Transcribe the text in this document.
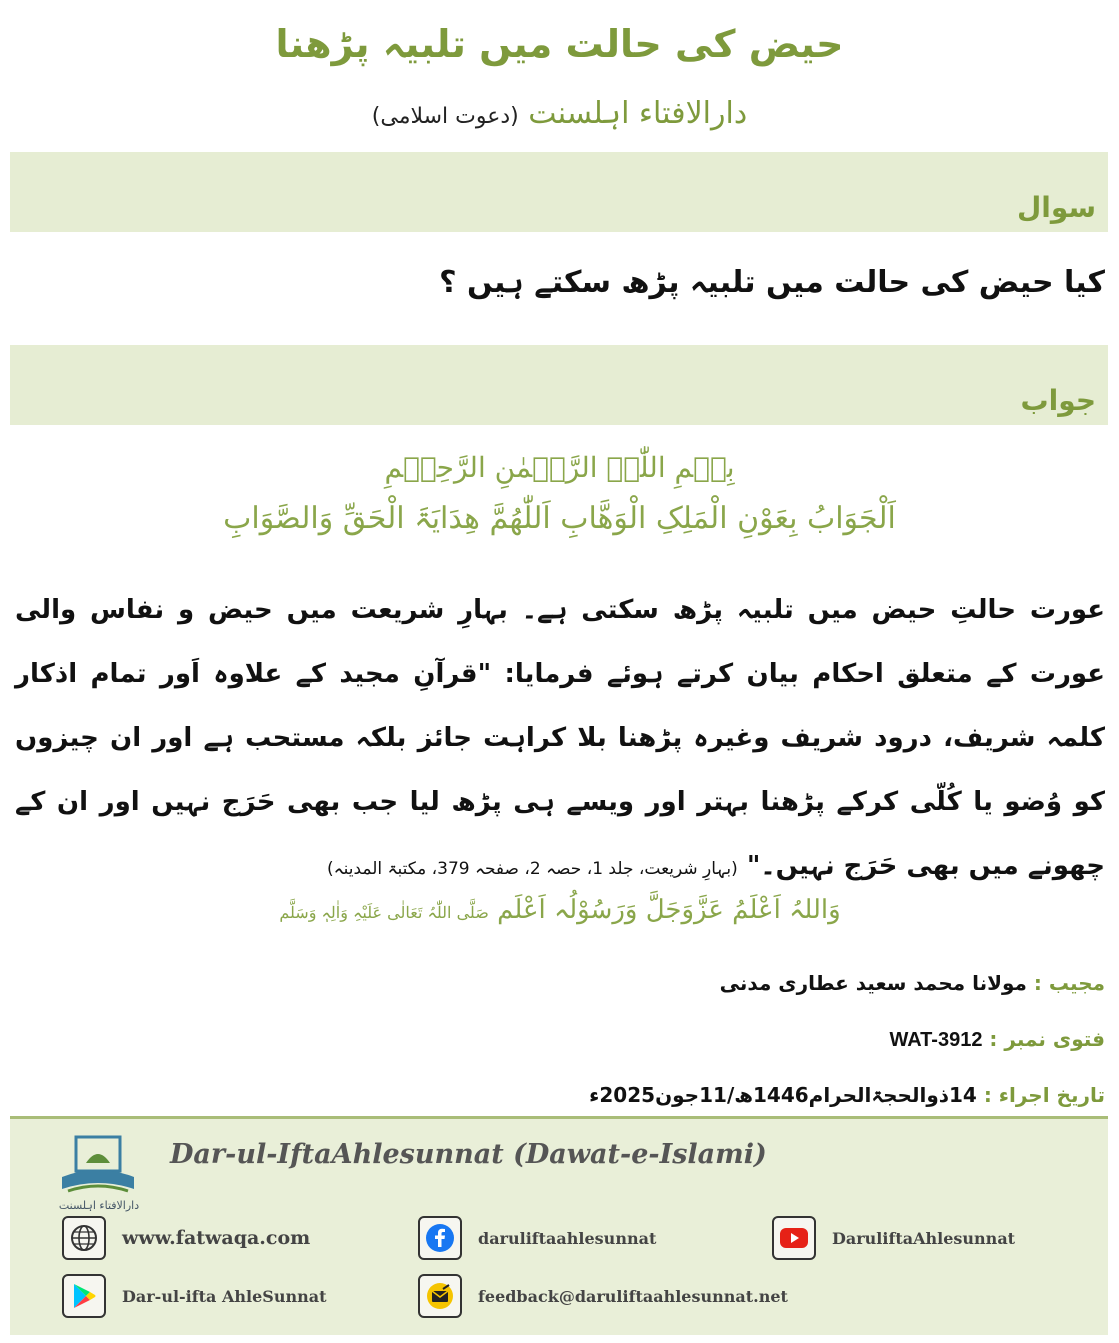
حیض کی حالت میں تلبیہ پڑھنا
دارالافتاء اہلسنت (دعوت اسلامی)
سوال
کیا حیض کی حالت میں تلبیہ پڑھ سکتے ہیں ؟
جواب
بِسۡمِ اللّٰہِ الرَّحۡمٰنِ الرَّحِیۡمِ
اَلْجَوَابُ بِعَوْنِ الْمَلِکِ الْوَھَّابِ اَللّٰھُمَّ ھِدَایَۃَ الْحَقِّ وَالصَّوَابِ
عورت حالتِ حیض میں تلبیہ پڑھ سکتی ہے۔ بہارِ شریعت میں حیض و نفاس والی عورت کے متعلق احکام بیان کرتے ہوئے فرمایا: "قرآنِ مجید کے علاوہ اَور تمام اذکار کلمہ شریف، درود شریف وغیرہ پڑھنا بلا کراہت جائز بلکہ مستحب ہے اور ان چیزوں کو وُضو یا کُلّی کرکے پڑھنا بہتر اور ویسے ہی پڑھ لیا جب بھی حَرَج نہیں اور ان کے چھونے میں بھی حَرَج نہیں۔" (بہارِ شریعت، جلد 1، حصہ 2، صفحہ 379، مکتبۃ المدینہ)
وَاللہُ اَعْلَمُ عَزَّوَجَلَّ وَرَسُوْلُہ اَعْلَم صَلَّی اللّٰہُ تَعَالٰی عَلَیْہِ وَاٰلِہٖ وَسَلَّم
مجیب : مولانا محمد سعید عطاری مدنی
فتوی نمبر : WAT-3912
تاریخ اجراء : 14ذوالحجۃالحرام1446ھ/11جون2025ء
دارالافتاء اہلسنت
Dar-ul-IftaAhlesunnat (Dawat-e-Islami)
www.fatwaqa.com	daruliftaahlesunnat	DaruliftaAhlesunnat
Dar-ul-ifta AhleSunnat	feedback@daruliftaahlesunnat.net
